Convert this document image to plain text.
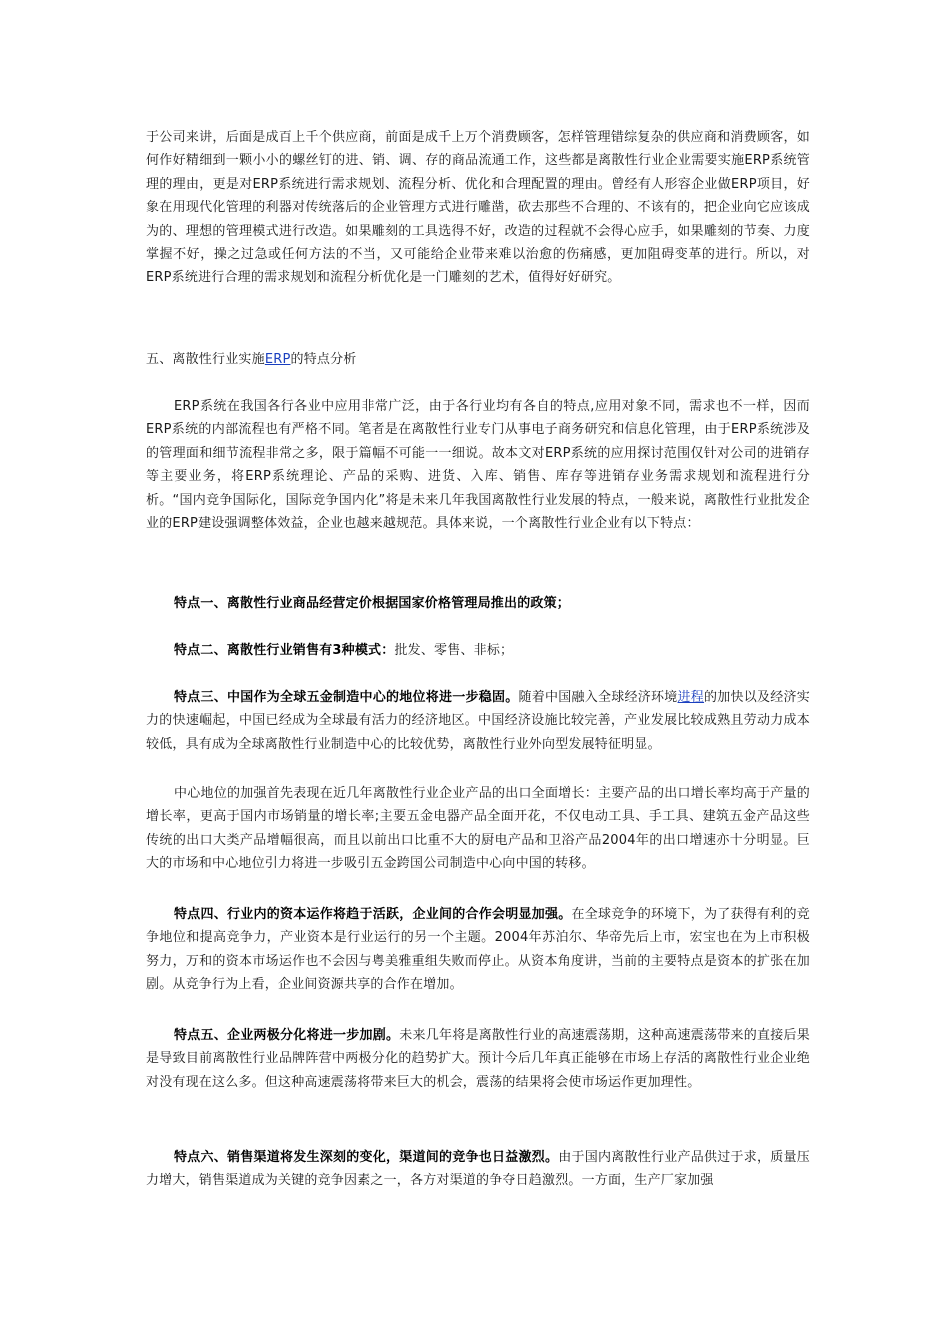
于公司来讲，后面是成百上千个供应商，前面是成千上万个消费顾客，怎样管理错综复杂的供应商和消费顾客，如何作好精细到一颗小小的螺丝钉的进、销、调、存的商品流通工作，这些都是离散性行业企业需要实施ERP系统管理的理由，更是对ERP系统进行需求规划、流程分析、优化和合理配置的理由。曾经有人形容企业做ERP项目，好象在用现代化管理的利器对传统落后的企业管理方式进行雕凿，砍去那些不合理的、不该有的，把企业向它应该成为的、理想的管理模式进行改造。如果雕刻的工具选得不好，改造的过程就不会得心应手，如果雕刻的节奏、力度掌握不好，操之过急或任何方法的不当，又可能给企业带来难以治愈的伤痛感，更加阻碍变革的进行。所以，对ERP系统进行合理的需求规划和流程分析优化是一门雕刻的艺术，值得好好研究。
五、离散性行业实施ERP的特点分析
ERP系统在我国各行各业中应用非常广泛，由于各行业均有各自的特点,应用对象不同，需求也不一样，因而ERP系统的内部流程也有严格不同。笔者是在离散性行业专门从事电子商务研究和信息化管理，由于ERP系统涉及的管理面和细节流程非常之多，限于篇幅不可能一一细说。故本文对ERP系统的应用探讨范围仅针对公司的进销存等主要业务，将ERP系统理论、产品的采购、进货、入库、销售、库存等进销存业务需求规划和流程进行分析。“国内竞争国际化，国际竞争国内化”将是未来几年我国离散性行业发展的特点，一般来说，离散性行业批发企业的ERP建设强调整体效益，企业也越来越规范。具体来说，一个离散性行业企业有以下特点：
特点一、离散性行业商品经营定价根据国家价格管理局推出的政策；
特点二、离散性行业销售有3种模式：批发、零售、非标；
特点三、中国作为全球五金制造中心的地位将进一步稳固。随着中国融入全球经济环境进程的加快以及经济实力的快速崛起，中国已经成为全球最有活力的经济地区。中国经济设施比较完善，产业发展比较成熟且劳动力成本较低，具有成为全球离散性行业制造中心的比较优势，离散性行业外向型发展特征明显。
中心地位的加强首先表现在近几年离散性行业企业产品的出口全面增长：主要产品的出口增长率均高于产量的增长率，更高于国内市场销量的增长率;主要五金电器产品全面开花，不仅电动工具、手工具、建筑五金产品这些传统的出口大类产品增幅很高，而且以前出口比重不大的厨电产品和卫浴产品2004年的出口增速亦十分明显。巨大的市场和中心地位引力将进一步吸引五金跨国公司制造中心向中国的转移。
特点四、行业内的资本运作将趋于活跃，企业间的合作会明显加强。在全球竞争的环境下，为了获得有利的竞争地位和提高竞争力，产业资本是行业运行的另一个主题。2004年苏泊尔、华帝先后上市，宏宝也在为上市积极努力，万和的资本市场运作也不会因与粤美雅重组失败而停止。从资本角度讲，当前的主要特点是资本的扩张在加剧。从竞争行为上看，企业间资源共享的合作在增加。
特点五、企业两极分化将进一步加剧。未来几年将是离散性行业的高速震荡期，这种高速震荡带来的直接后果是导致目前离散性行业品牌阵营中两极分化的趋势扩大。预计今后几年真正能够在市场上存活的离散性行业企业绝对没有现在这么多。但这种高速震荡将带来巨大的机会，震荡的结果将会使市场运作更加理性。
特点六、销售渠道将发生深刻的变化，渠道间的竞争也日益激烈。由于国内离散性行业产品供过于求，质量压力增大，销售渠道成为关键的竞争因素之一，各方对渠道的争夺日趋激烈。一方面，生产厂家加强
